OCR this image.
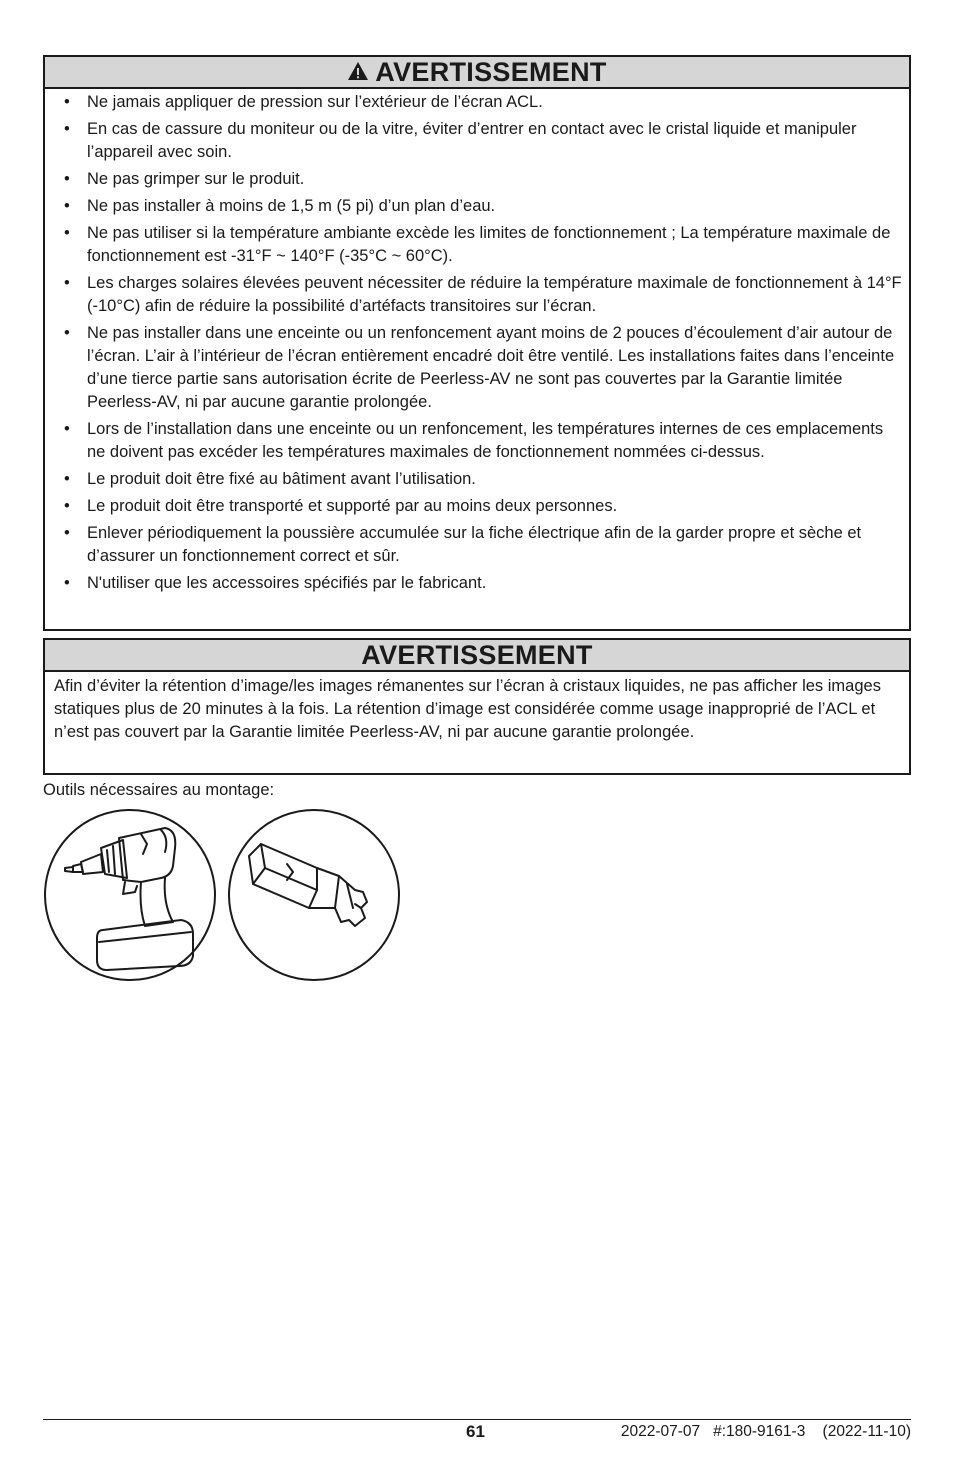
AVERTISSEMENT
• Ne jamais appliquer de pression sur l’extérieur de l’écran ACL.
• En cas de cassure du moniteur ou de la vitre, éviter d’entrer en contact avec le cristal liquide et manipuler l’appareil avec soin.
• Ne pas grimper sur le produit.
• Ne pas installer à moins de 1,5 m (5 pi) d’un plan d’eau.
• Ne pas utiliser si la température ambiante excède les limites de fonctionnement ; La température maximale de fonctionnement est -31°F ~ 140°F (-35°C ~ 60°C).
• Les charges solaires élevées peuvent nécessiter de réduire la température maximale de fonctionnement à 14°F (-10°C) afin de réduire la possibilité d’artéfacts transitoires sur l’écran.
• Ne pas installer dans une enceinte ou un renfoncement ayant moins de 2 pouces d’écoulement d’air autour de l’écran. L’air à l’intérieur de l’écran entièrement encadré doit être ventilé. Les installations faites dans l’enceinte d’une tierce partie sans autorisation écrite de Peerless-AV ne sont pas couvertes par la Garantie limitée Peerless-AV, ni par aucune garantie prolongée.
• Lors de l’installation dans une enceinte ou un renfoncement, les températures internes de ces emplacements ne doivent pas excéder les températures maximales de fonctionnement nommées ci-dessus.
• Le produit doit être fixé au bâtiment avant l’utilisation.
• Le produit doit être transporté et supporté par au moins deux personnes.
• Enlever périodiquement la poussière accumulée sur la fiche électrique afin de la garder propre et sèche et d’assurer un fonctionnement correct et sûr.
• N'utiliser que les accessoires spécifiés par le fabricant.
AVERTISSEMENT

Afin d’éviter la rétention d’image/les images rémanentes sur l’écran à cristaux liquides, ne pas afficher les images statiques plus de 20 minutes à la fois. La rétention d’image est considérée comme usage inapproprié de l’ACL et n’est pas couvert par la Garantie limitée Peerless-AV, ni par aucune garantie prolongée.

Outils nécessaires au montage:
61	2022-07-07   #:180-9161-3    (2022-11-10)
